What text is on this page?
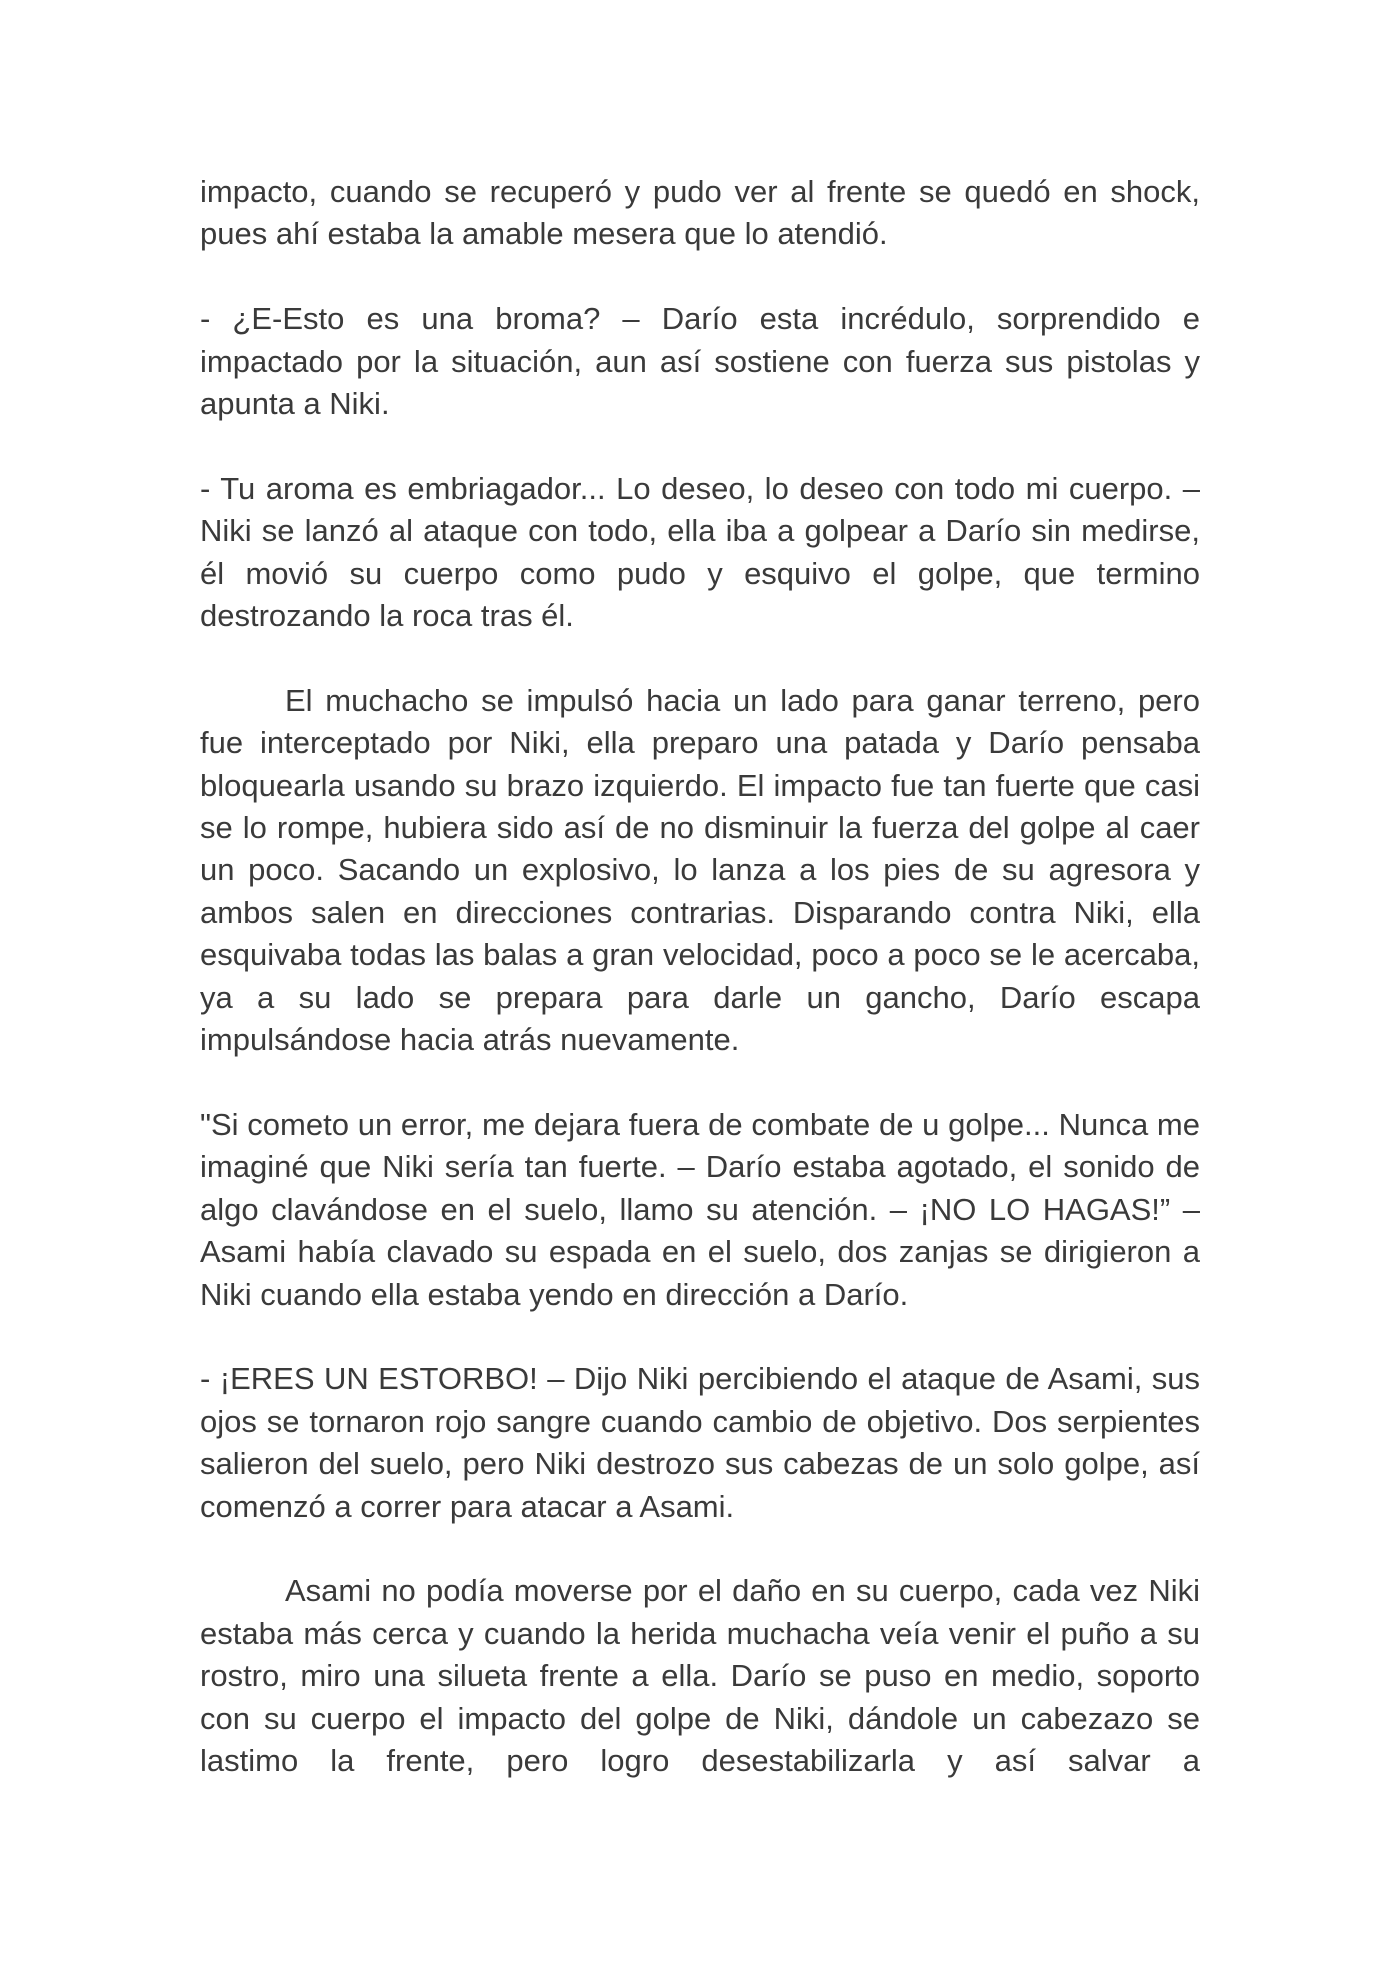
impacto, cuando se recuperó y pudo ver al frente se quedó en shock, pues ahí estaba la amable mesera que lo atendió.

- ¿E-Esto es una broma? – Darío esta incrédulo, sorprendido e impactado por la situación, aun así sostiene con fuerza sus pistolas y apunta a Niki.

- Tu aroma es embriagador... Lo deseo, lo deseo con todo mi cuerpo. – Niki se lanzó al ataque con todo, ella iba a golpear a Darío sin medirse, él movió su cuerpo como pudo y esquivo el golpe, que termino destrozando la roca tras él.

El muchacho se impulsó hacia un lado para ganar terreno, pero fue interceptado por Niki, ella preparo una patada y Darío pensaba bloquearla usando su brazo izquierdo. El impacto fue tan fuerte que casi se lo rompe, hubiera sido así de no disminuir la fuerza del golpe al caer un poco. Sacando un explosivo, lo lanza a los pies de su agresora y ambos salen en direcciones contrarias. Disparando contra Niki, ella esquivaba todas las balas a gran velocidad, poco a poco se le acercaba, ya a su lado se prepara para darle un gancho, Darío escapa impulsándose hacia atrás nuevamente.

"Si cometo un error, me dejara fuera de combate de u golpe... Nunca me imaginé que Niki sería tan fuerte. – Darío estaba agotado, el sonido de algo clavándose en el suelo, llamo su atención. – ¡NO LO HAGAS!” – Asami había clavado su espada en el suelo, dos zanjas se dirigieron a Niki cuando ella estaba yendo en dirección a Darío.

- ¡ERES UN ESTORBO! – Dijo Niki percibiendo el ataque de Asami, sus ojos se tornaron rojo sangre cuando cambio de objetivo. Dos serpientes salieron del suelo, pero Niki destrozo sus cabezas de un solo golpe, así comenzó a correr para atacar a Asami.

Asami no podía moverse por el daño en su cuerpo, cada vez Niki estaba más cerca y cuando la herida muchacha veía venir el puño a su rostro, miro una silueta frente a ella. Darío se puso en medio, soporto con su cuerpo el impacto del golpe de Niki, dándole un cabezazo se lastimo la frente, pero logro desestabilizarla y así salvar a
